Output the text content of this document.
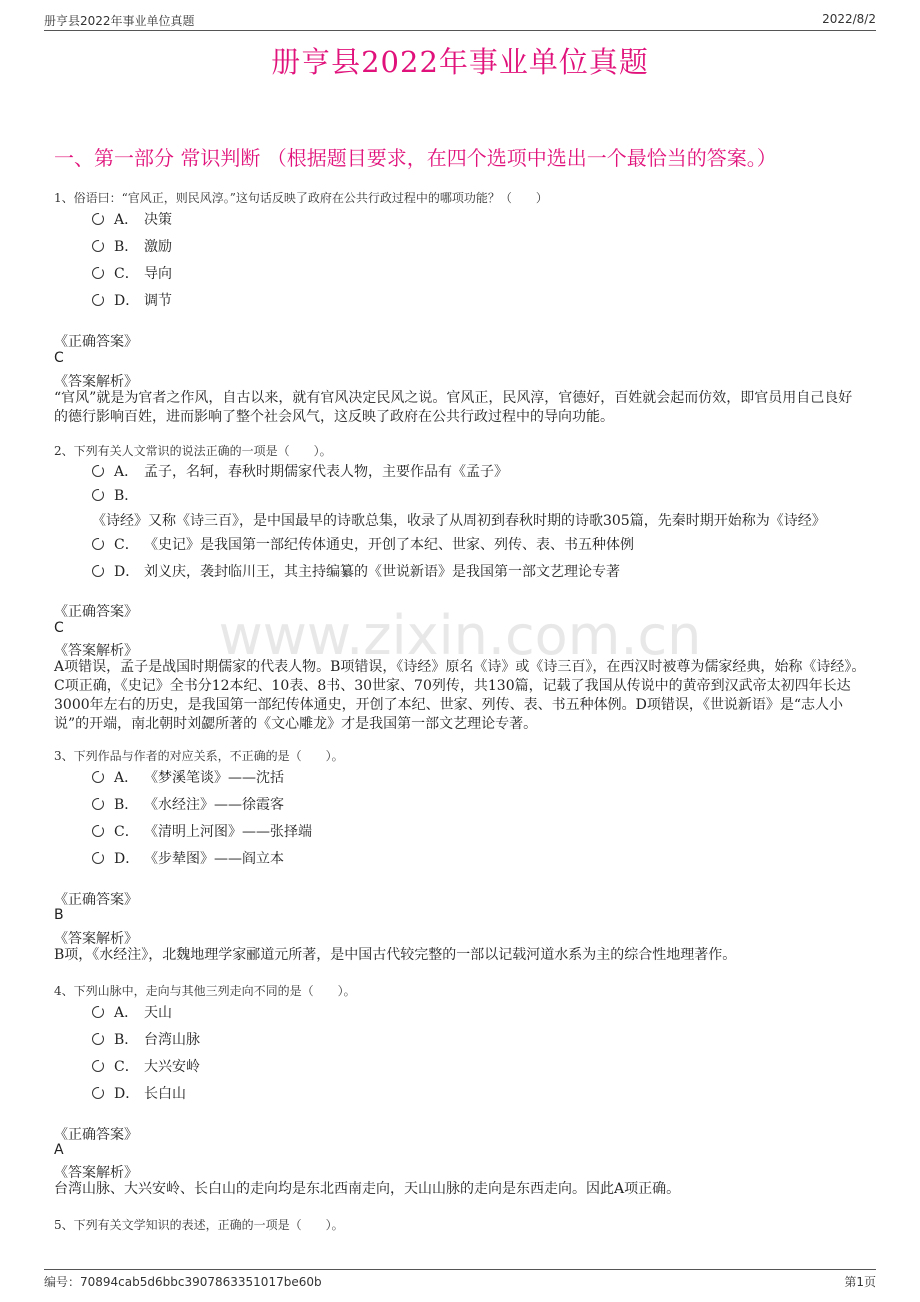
册亨县2022年事业单位真题	2022/8/2
www.zixin.com.cn
册亨县2022年事业单位真题
一、第一部分 常识判断 （根据题目要求，在四个选项中选出一个最恰当的答案。）
1、俗语曰：“官风正，则民风淳。”这句话反映了政府在公共行政过程中的哪项功能？（　　）
A． 决策
B． 激励
C． 导向
D． 调节
《正确答案》
C
《答案解析》
“官风”就是为官者之作风，自古以来，就有官风决定民风之说。官风正，民风淳，官德好，百姓就会起而仿效，即官员用自己良好的德行影响百姓，进而影响了整个社会风气，这反映了政府在公共行政过程中的导向功能。
2、下列有关人文常识的说法正确的一项是（　　）。
A． 孟子，名轲，春秋时期儒家代表人物，主要作品有《孟子》
B．《诗经》又称《诗三百》，是中国最早的诗歌总集，收录了从周初到春秋时期的诗歌305篇，先秦时期开始称为《诗经》
C． 《史记》是我国第一部纪传体通史，开创了本纪、世家、列传、表、书五种体例
D． 刘义庆，袭封临川王，其主持编纂的《世说新语》是我国第一部文艺理论专著
《正确答案》
C
《答案解析》
A项错误，孟子是战国时期儒家的代表人物。B项错误，《诗经》原名《诗》或《诗三百》，在西汉时被尊为儒家经典，始称《诗经》。C项正确，《史记》全书分12本纪、10表、8书、30世家、70列传，共130篇，记载了我国从传说中的黄帝到汉武帝太初四年长达3000年左右的历史，是我国第一部纪传体通史，开创了本纪、世家、列传、表、书五种体例。D项错误，《世说新语》是“志人小说”的开端，南北朝时刘勰所著的《文心雕龙》才是我国第一部文艺理论专著。
3、下列作品与作者的对应关系，不正确的是（　　）。
A． 《梦溪笔谈》——沈括
B． 《水经注》——徐霞客
C． 《清明上河图》——张择端
D． 《步辇图》——阎立本
《正确答案》
B
《答案解析》
B项，《水经注》，北魏地理学家郦道元所著，是中国古代较完整的一部以记载河道水系为主的综合性地理著作。
4、下列山脉中，走向与其他三列走向不同的是（　　）。
A． 天山
B． 台湾山脉
C． 大兴安岭
D． 长白山
《正确答案》
A
《答案解析》
台湾山脉、大兴安岭、长白山的走向均是东北西南走向，天山山脉的走向是东西走向。因此A项正确。
5、下列有关文学知识的表述，正确的一项是（　　）。
编号：70894cab5d6bbc3907863351017be60b	第1页
